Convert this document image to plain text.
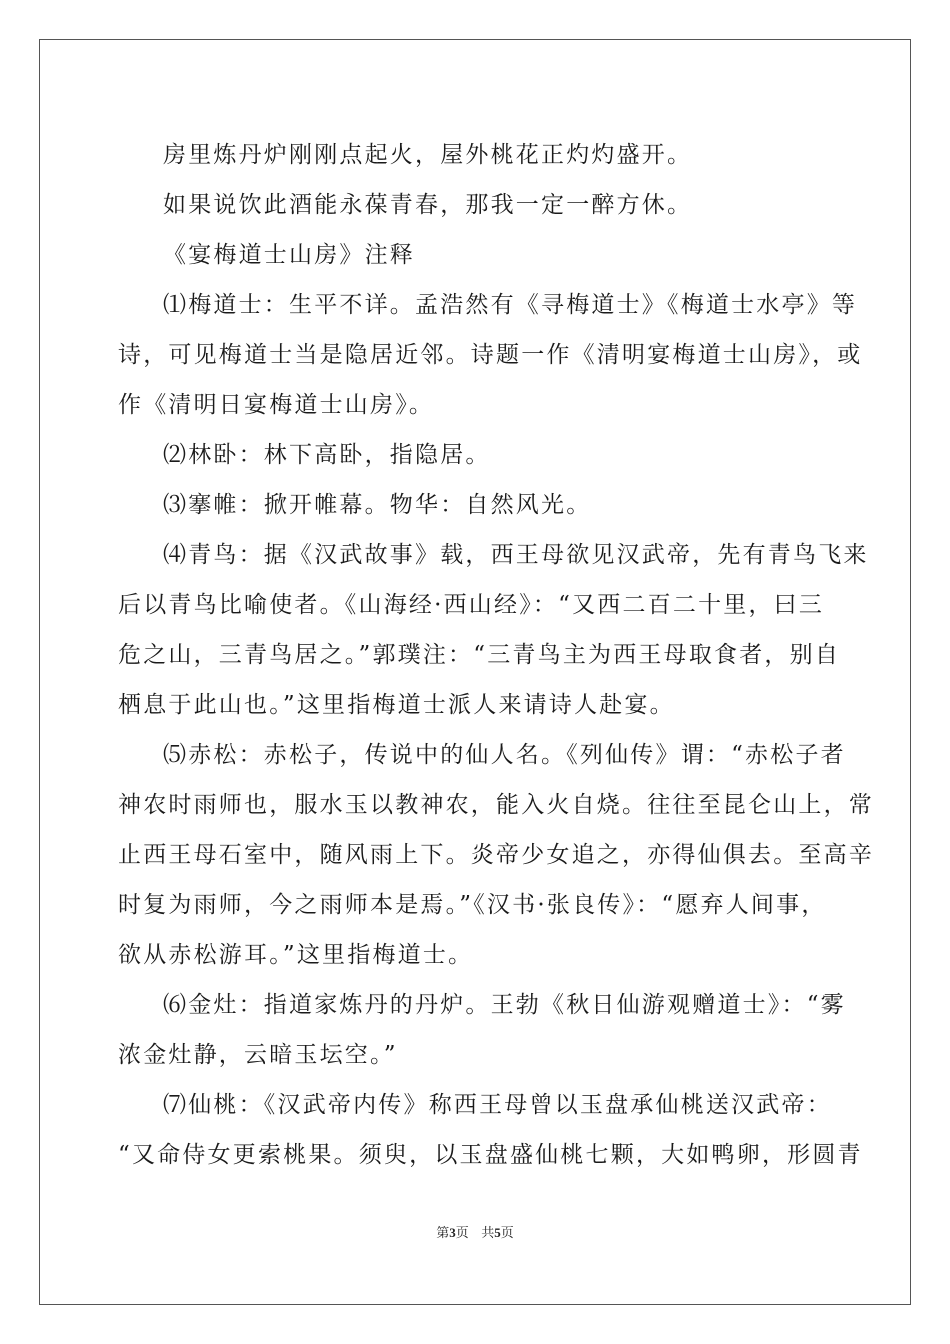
房里炼丹炉刚刚点起火，屋外桃花正灼灼盛开。
如果说饮此酒能永葆青春，那我一定一醉方休。
《宴梅道士山房》注释
⑴梅道士：生平不详。孟浩然有《寻梅道士》《梅道士水亭》等
诗，可见梅道士当是隐居近邻。诗题一作《清明宴梅道士山房》，或
作《清明日宴梅道士山房》。
⑵林卧：林下高卧，指隐居。
⑶搴帷：掀开帷幕。物华：自然风光。
⑷青鸟：据《汉武故事》载，西王母欲见汉武帝，先有青鸟飞来
后以青鸟比喻使者。《山海经·西山经》：“又西二百二十里，曰三
危之山，三青鸟居之。”郭璞注：“三青鸟主为西王母取食者，别自
栖息于此山也。”这里指梅道士派人来请诗人赴宴。
⑸赤松：赤松子，传说中的仙人名。《列仙传》谓：“赤松子者
神农时雨师也，服水玉以教神农，能入火自烧。往往至昆仑山上，常
止西王母石室中，随风雨上下。炎帝少女追之，亦得仙俱去。至高辛
时复为雨师，今之雨师本是焉。”《汉书·张良传》：“愿弃人间事，
欲从赤松游耳。”这里指梅道士。
⑹金灶：指道家炼丹的丹炉。王勃《秋日仙游观赠道士》：“雾
浓金灶静，云暗玉坛空。”
⑺仙桃：《汉武帝内传》称西王母曾以玉盘承仙桃送汉武帝：
“又命侍女更索桃果。须臾，以玉盘盛仙桃七颗，大如鸭卵，形圆青
第3页 共5页
